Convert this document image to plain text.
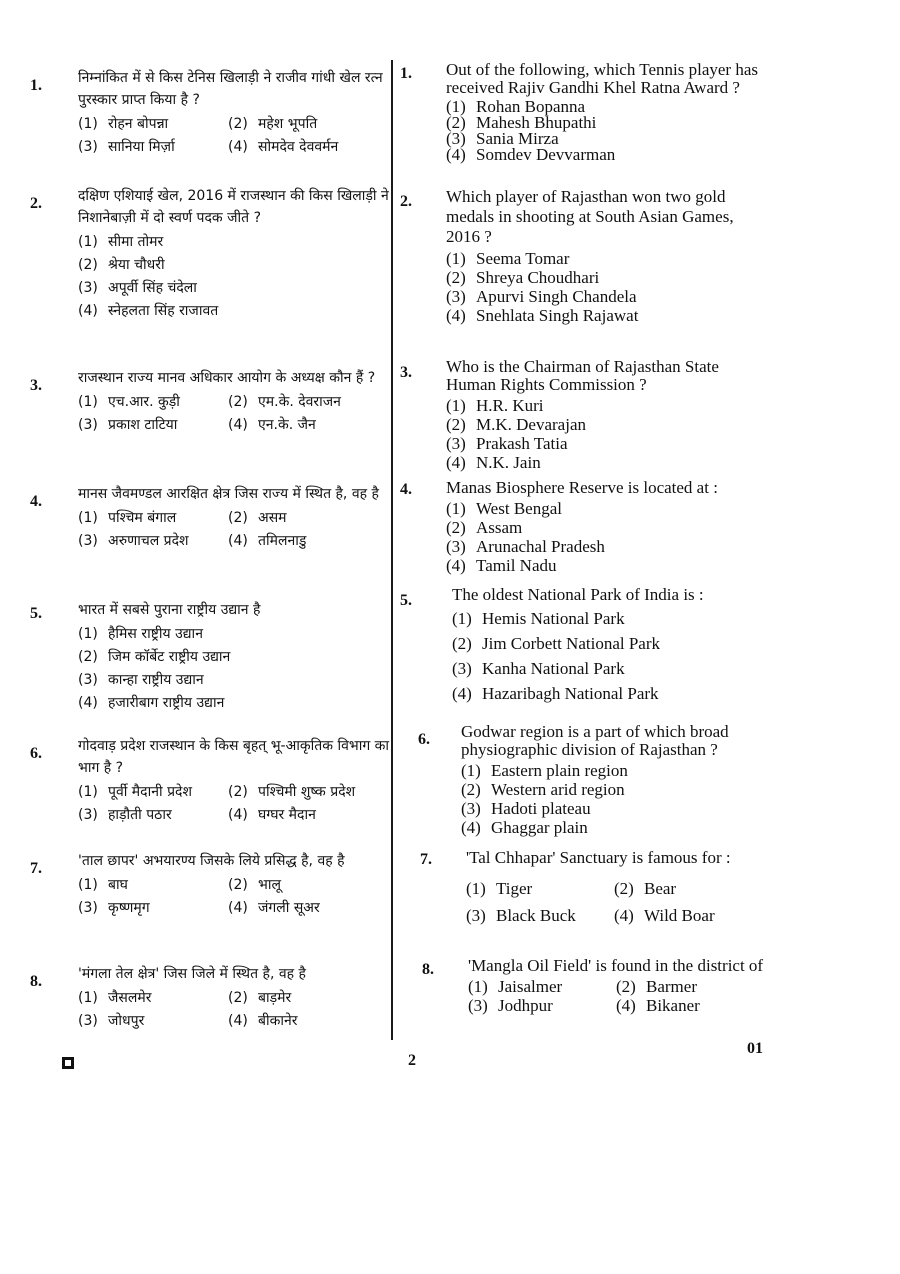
1.	निम्नांकित में से किस टेनिस खिलाड़ी ने राजीव गांधी खेल रत्न पुरस्कार प्राप्त किया है ?
(1) रोहन बोपन्ना	(2) महेश भूपति
(3) सानिया मिर्ज़ा	(4) सोमदेव देववर्मन
2.	दक्षिण एशियाई खेल, 2016 में राजस्थान की किस खिलाड़ी ने निशानेबाज़ी में दो स्वर्ण पदक जीते ?
(1) सीमा तोमर
(2) श्रेया चौधरी
(3) अपूर्वी सिंह चंदेला
(4) स्नेहलता सिंह राजावत
3.	राजस्थान राज्य मानव अधिकार आयोग के अध्यक्ष कौन हैं ?
(1) एच.आर. कुड़ी	(2) एम.के. देवराजन
(3) प्रकाश टाटिया	(4) एन.के. जैन
4.	मानस जैवमण्डल आरक्षित क्षेत्र जिस राज्य में स्थित है, वह है
(1) पश्चिम बंगाल	(2) असम
(3) अरुणाचल प्रदेश	(4) तमिलनाडु
5.	भारत में सबसे पुराना राष्ट्रीय उद्यान है
(1) हैमिस राष्ट्रीय उद्यान
(2) जिम कॉर्बेट राष्ट्रीय उद्यान
(3) कान्हा राष्ट्रीय उद्यान
(4) हजारीबाग राष्ट्रीय उद्यान
6.	गोदवाड़ प्रदेश राजस्थान के किस बृहत् भू-आकृतिक विभाग का भाग है ?
(1) पूर्वी मैदानी प्रदेश	(2) पश्चिमी शुष्क प्रदेश
(3) हाड़ौती पठार	(4) घग्घर मैदान
7.	'ताल छापर' अभयारण्य जिसके लिये प्रसिद्ध है, वह है
(1) बाघ	(2) भालू
(3) कृष्णमृग	(4) जंगली सूअर
8.	'मंगला तेल क्षेत्र' जिस जिले में स्थित है, वह है
(1) जैसलमेर	(2) बाड़मेर
(3) जोधपुर	(4) बीकानेर
1. Out of the following, which Tennis player has received Rajiv Gandhi Khel Ratna Award ?
(1) Rohan Bopanna
(2) Mahesh Bhupathi
(3) Sania Mirza
(4) Somdev Devvarman
2. Which player of Rajasthan won two gold medals in shooting at South Asian Games, 2016 ?
(1) Seema Tomar
(2) Shreya Choudhari
(3) Apurvi Singh Chandela
(4) Snehlata Singh Rajawat
3. Who is the Chairman of Rajasthan State Human Rights Commission ?
(1) H.R. Kuri
(2) M.K. Devarajan
(3) Prakash Tatia
(4) N.K. Jain
4. Manas Biosphere Reserve is located at :
(1) West Bengal
(2) Assam
(3) Arunachal Pradesh
(4) Tamil Nadu
5. The oldest National Park of India is :
(1) Hemis National Park
(2) Jim Corbett National Park
(3) Kanha National Park
(4) Hazaribagh National Park
6. Godwar region is a part of which broad physiographic division of Rajasthan ?
(1) Eastern plain region
(2) Western arid region
(3) Hadoti plateau
(4) Ghaggar plain
7. 'Tal Chhapar' Sanctuary is famous for :
(1) Tiger	(2) Bear
(3) Black Buck	(4) Wild Boar
8. 'Mangla Oil Field' is found in the district of
(1) Jaisalmer	(2) Barmer
(3) Jodhpur	(4) Bikaner
2
01
